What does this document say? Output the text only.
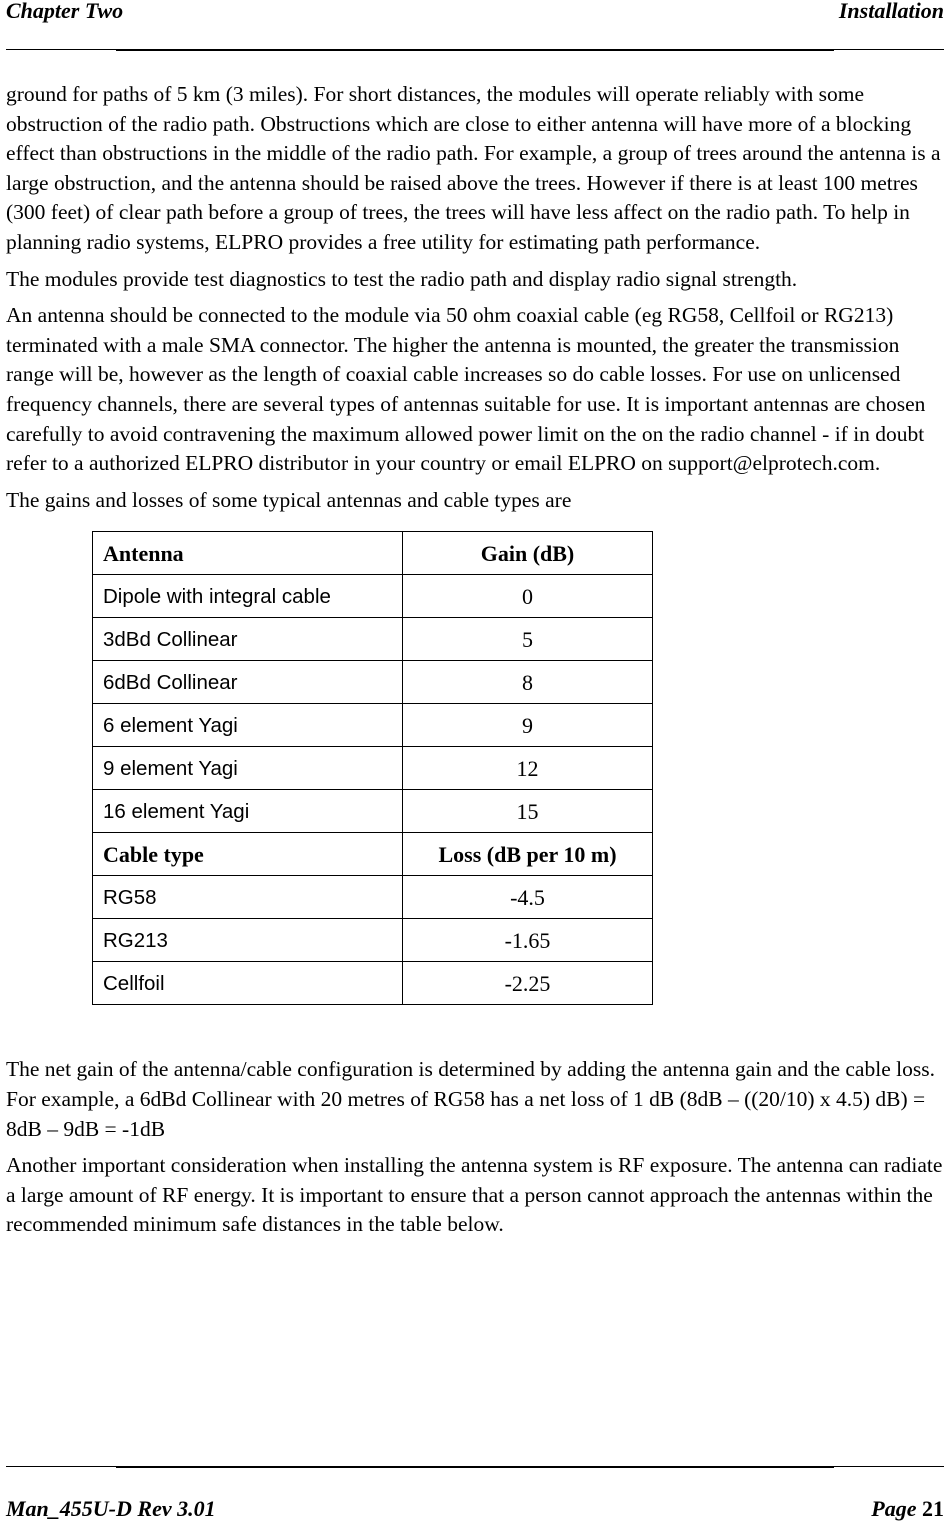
Chapter Two	Installation

ground for paths of 5 km (3 miles). For short distances, the modules will operate reliably with some obstruction of the radio path. Obstructions which are close to either antenna will have more of a blocking effect than obstructions in the middle of the radio path. For example, a group of trees around the antenna is a large obstruction, and the antenna should be raised above the trees. However if there is at least 100 metres (300 feet) of clear path before a group of trees, the trees will have less affect on the radio path. To help in planning radio systems, ELPRO provides a free utility for estimating path performance.

The modules provide test diagnostics to test the radio path and display radio signal strength.

An antenna should be connected to the module via 50 ohm coaxial cable (eg RG58, Cellfoil or RG213) terminated with a male SMA connector. The higher the antenna is mounted, the greater the transmission range will be, however as the length of coaxial cable increases so do cable losses. For use on unlicensed frequency channels, there are several types of antennas suitable for use. It is important antennas are chosen carefully to avoid contravening the maximum allowed power limit on the on the radio channel - if in doubt refer to a authorized ELPRO distributor in your country or email ELPRO on support@elprotech.com.

The gains and losses of some typical antennas and cable types are

Antenna	Gain (dB)
Dipole with integral cable	0
3dBd Collinear	5
6dBd Collinear	8
6 element Yagi	9
9 element Yagi	12
16 element Yagi	15
Cable type	Loss (dB per 10 m)
RG58	-4.5
RG213	-1.65
Cellfoil	-2.25

The net gain of the antenna/cable configuration is determined by adding the antenna gain and the cable loss. For example, a 6dBd Collinear with 20 metres of RG58 has a net loss of 1 dB (8dB – ((20/10) x 4.5) dB) = 8dB – 9dB = -1dB

Another important consideration when installing the antenna system is RF exposure. The antenna can radiate a large amount of RF energy. It is important to ensure that a person cannot approach the antennas within the recommended minimum safe distances in the table below.

Man_455U-D Rev 3.01	Page 21
